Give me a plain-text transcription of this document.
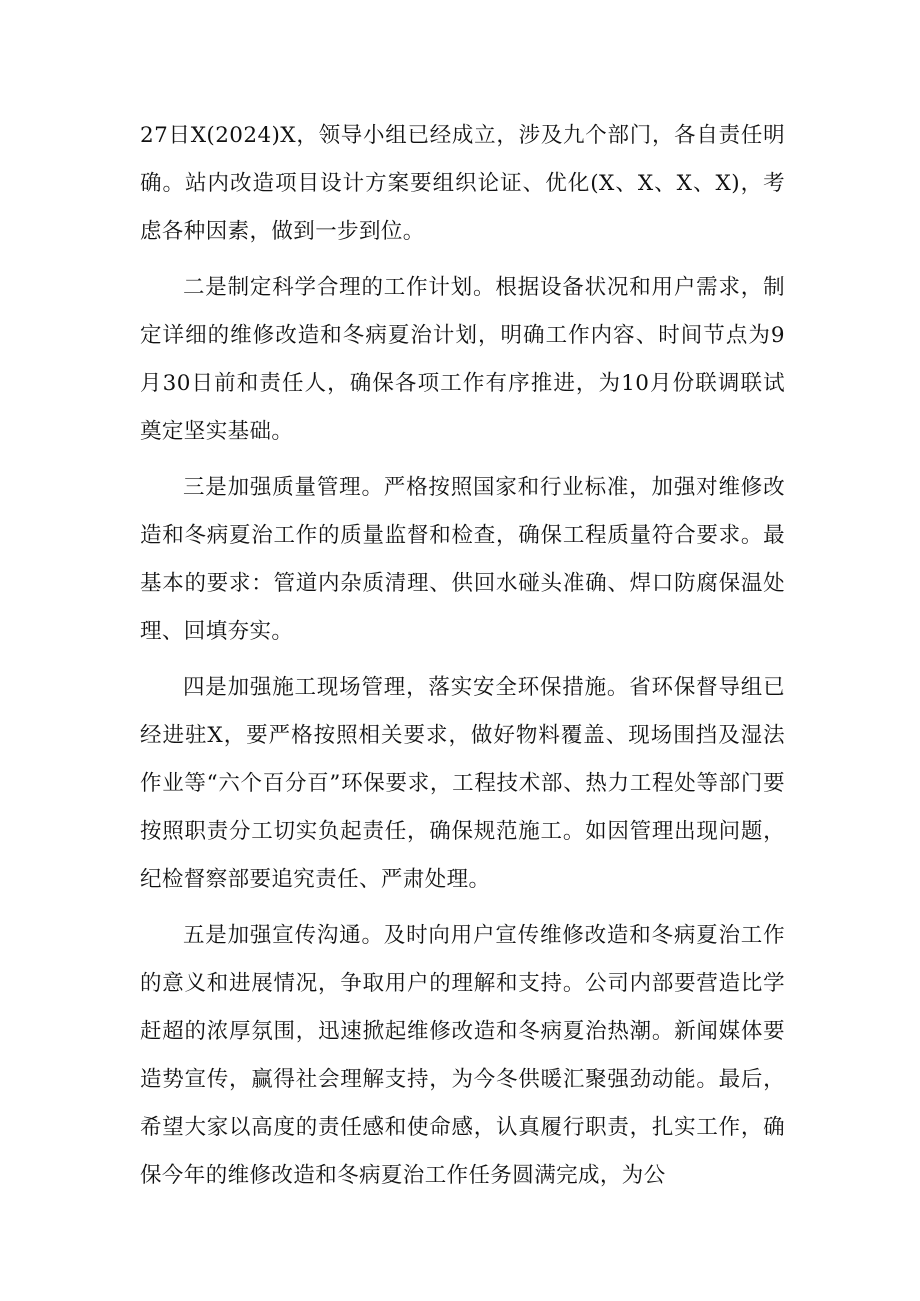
27日X(2024)X，领导小组已经成立，涉及九个部门，各自责任明确。站内改造项目设计方案要组织论证、优化(X、X、X、X)，考虑各种因素，做到一步到位。

二是制定科学合理的工作计划。根据设备状况和用户需求，制定详细的维修改造和冬病夏治计划，明确工作内容、时间节点为9月30日前和责任人，确保各项工作有序推进，为10月份联调联试奠定坚实基础。

三是加强质量管理。严格按照国家和行业标准，加强对维修改造和冬病夏治工作的质量监督和检查，确保工程质量符合要求。最基本的要求：管道内杂质清理、供回水碰头准确、焊口防腐保温处理、回填夯实。

四是加强施工现场管理，落实安全环保措施。省环保督导组已经进驻X，要严格按照相关要求，做好物料覆盖、现场围挡及湿法作业等“六个百分百”环保要求，工程技术部、热力工程处等部门要按照职责分工切实负起责任，确保规范施工。如因管理出现问题，纪检督察部要追究责任、严肃处理。

五是加强宣传沟通。及时向用户宣传维修改造和冬病夏治工作的意义和进展情况，争取用户的理解和支持。公司内部要营造比学赶超的浓厚氛围，迅速掀起维修改造和冬病夏治热潮。新闻媒体要造势宣传，赢得社会理解支持，为今冬供暖汇聚强劲动能。最后，希望大家以高度的责任感和使命感，认真履行职责，扎实工作，确保今年的维修改造和冬病夏治工作任务圆满完成，为公
